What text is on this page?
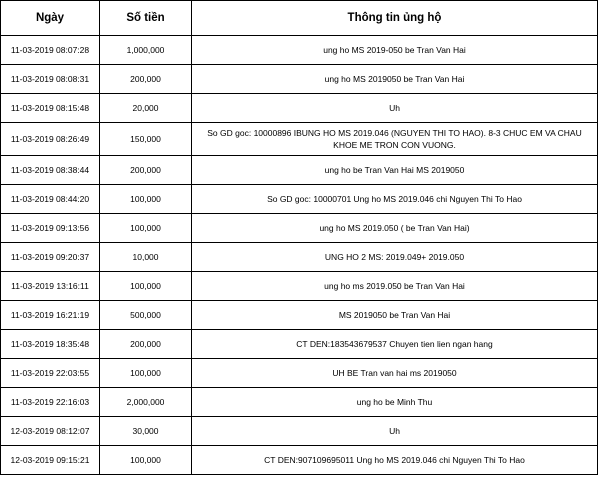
Ngày	Số tiền	Thông tin ủng hộ
11-03-2019 08:07:28	1,000,000	ung ho MS 2019-050 be Tran Van Hai
11-03-2019 08:08:31	200,000	ung ho MS 2019050 be Tran Van Hai
11-03-2019 08:15:48	20,000	Uh
11-03-2019 08:26:49	150,000	So GD goc: 10000896 IBUNG HO MS 2019.046 (NGUYEN THI TO HAO). 8-3 CHUC EM VA CHAU KHOE ME TRON CON VUONG.
11-03-2019 08:38:44	200,000	ung ho be Tran Van Hai MS 2019050
11-03-2019 08:44:20	100,000	So GD goc: 10000701 Ung ho MS 2019.046 chi Nguyen Thi To Hao
11-03-2019 09:13:56	100,000	ung ho MS 2019.050 ( be Tran Van Hai)
11-03-2019 09:20:37	10,000	UNG HO 2 MS: 2019.049+ 2019.050
11-03-2019 13:16:11	100,000	ung ho ms 2019.050 be Tran Van Hai
11-03-2019 16:21:19	500,000	MS 2019050 be Tran Van Hai
11-03-2019 18:35:48	200,000	CT DEN:183543679537 Chuyen tien lien ngan hang
11-03-2019 22:03:55	100,000	UH BE Tran van hai ms 2019050
11-03-2019 22:16:03	2,000,000	ung ho be Minh Thu
12-03-2019 08:12:07	30,000	Uh
12-03-2019 09:15:21	100,000	CT DEN:907109695011 Ung ho MS 2019.046 chi Nguyen Thi To Hao
